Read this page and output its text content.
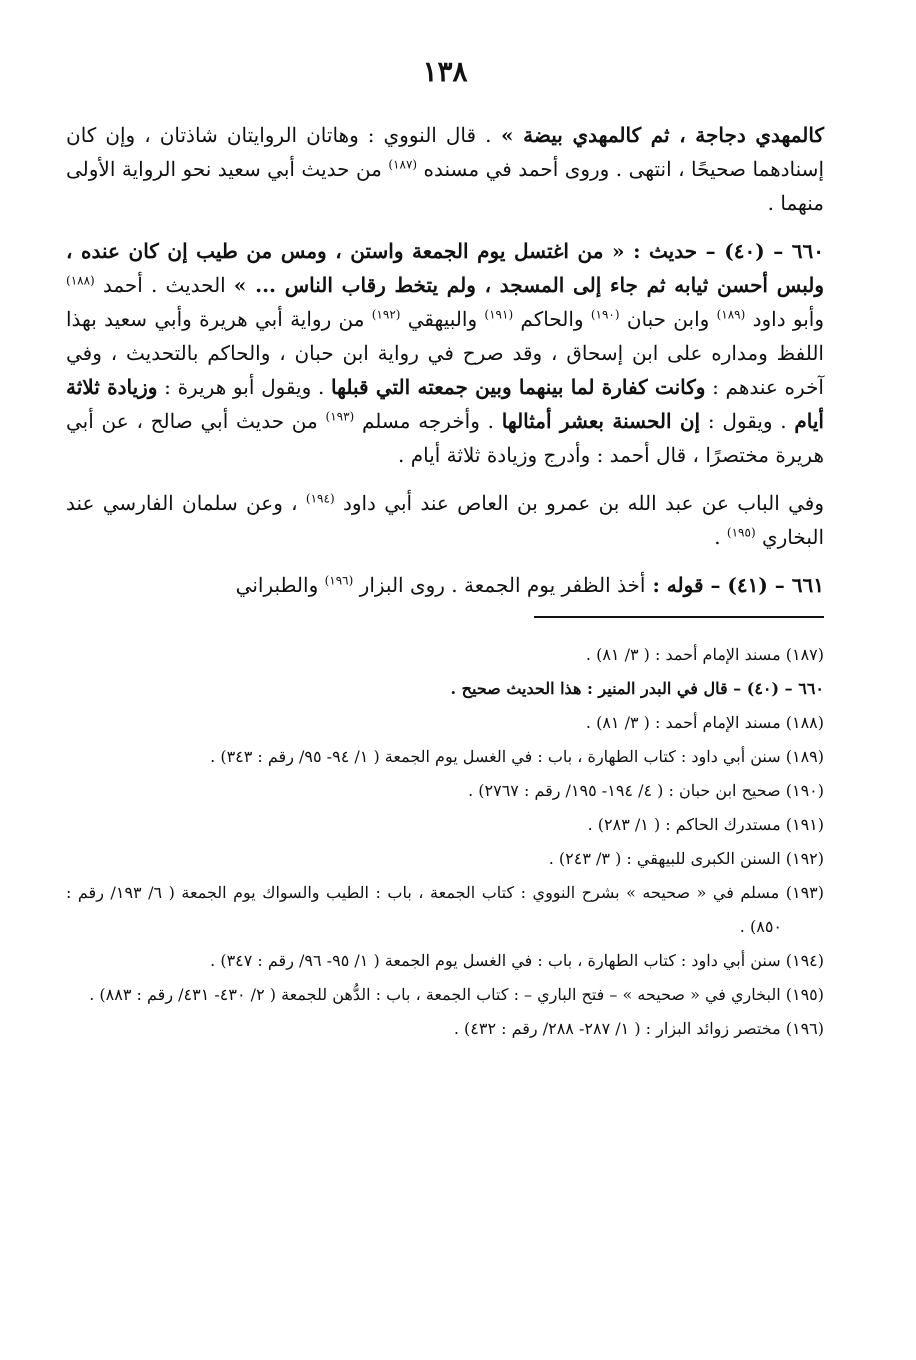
١٣٨

كالمهدي دجاجة ، ثم كالمهدي بيضة » . قال النووي : وهاتان الروايتان شاذتان ، وإن كان إسنادهما صحيحًا ، انتهى . وروى أحمد في مسنده $^{(١٨٧)}$ من حديث أبي سعيد نحو الرواية الأولى منهما .

٦٦٠ – (٤٠) – حديث : « من اغتسل يوم الجمعة واستن ، ومس من طيب إن كان عنده ، ولبس أحسن ثيابه ثم جاء إلى المسجد ، ولم يتخط رقاب الناس ... » الحديث . أحمد $^{(١٨٨)}$ وأبو داود $^{(١٨٩)}$ وابن حبان $^{(١٩٠)}$ والحاكم $^{(١٩١)}$ والبيهقي $^{(١٩٢)}$ من رواية أبي هريرة وأبي سعيد بهذا اللفظ ومداره على ابن إسحاق ، وقد صرح في رواية ابن حبان ، والحاكم بالتحديث ، وفي آخره عندهم : وكانت كفارة لما بينهما وبين جمعته التي قبلها . ويقول أبو هريرة : وزيادة ثلاثة أيام . ويقول : إن الحسنة بعشر أمثالها . وأخرجه مسلم $^{(١٩٣)}$ من حديث أبي صالح ، عن أبي هريرة مختصرًا ، قال أحمد : وأدرج وزيادة ثلاثة أيام .

وفي الباب عن عبد الله بن عمرو بن العاص عند أبي داود $^{(١٩٤)}$ ، وعن سلمان الفارسي عند البخاري $^{(١٩٥)}$ .

٦٦١ – (٤١) – قوله : أخذ الظفر يوم الجمعة . روى البزار $^{(١٩٦)}$ والطبراني

(١٨٧) مسند الإمام أحمد : ( ٣/ ٨١) .

٦٦٠ – (٤٠) – قال في البدر المنير : هذا الحديث صحيح .

(١٨٨) مسند الإمام أحمد : ( ٣/ ٨١) .

(١٨٩) سنن أبي داود : كتاب الطهارة ، باب : في الغسل يوم الجمعة ( ١/ ٩٤- ٩٥/ رقم : ٣٤٣) .

(١٩٠) صحيح ابن حبان : ( ٤/ ١٩٤- ١٩٥/ رقم : ٢٧٦٧) .

(١٩١) مستدرك الحاكم : ( ١/ ٢٨٣) .

(١٩٢) السنن الكبرى للبيهقي : ( ٣/ ٢٤٣) .

(١٩٣) مسلم في « صحيحه » بشرح النووي : كتاب الجمعة ، باب : الطيب والسواك يوم الجمعة ( ٦/ ١٩٣/ رقم : ٨٥٠) .

(١٩٤) سنن أبي داود : كتاب الطهارة ، باب : في الغسل يوم الجمعة ( ١/ ٩٥- ٩٦/ رقم : ٣٤٧) .

(١٩٥) البخاري في « صحيحه » – فتح الباري – : كتاب الجمعة ، باب : الدُّهن للجمعة ( ٢/ ٤٣٠- ٤٣١/ رقم : ٨٨٣) .

(١٩٦) مختصر زوائد البزار : ( ١/ ٢٨٧- ٢٨٨/ رقم : ٤٣٢) .
